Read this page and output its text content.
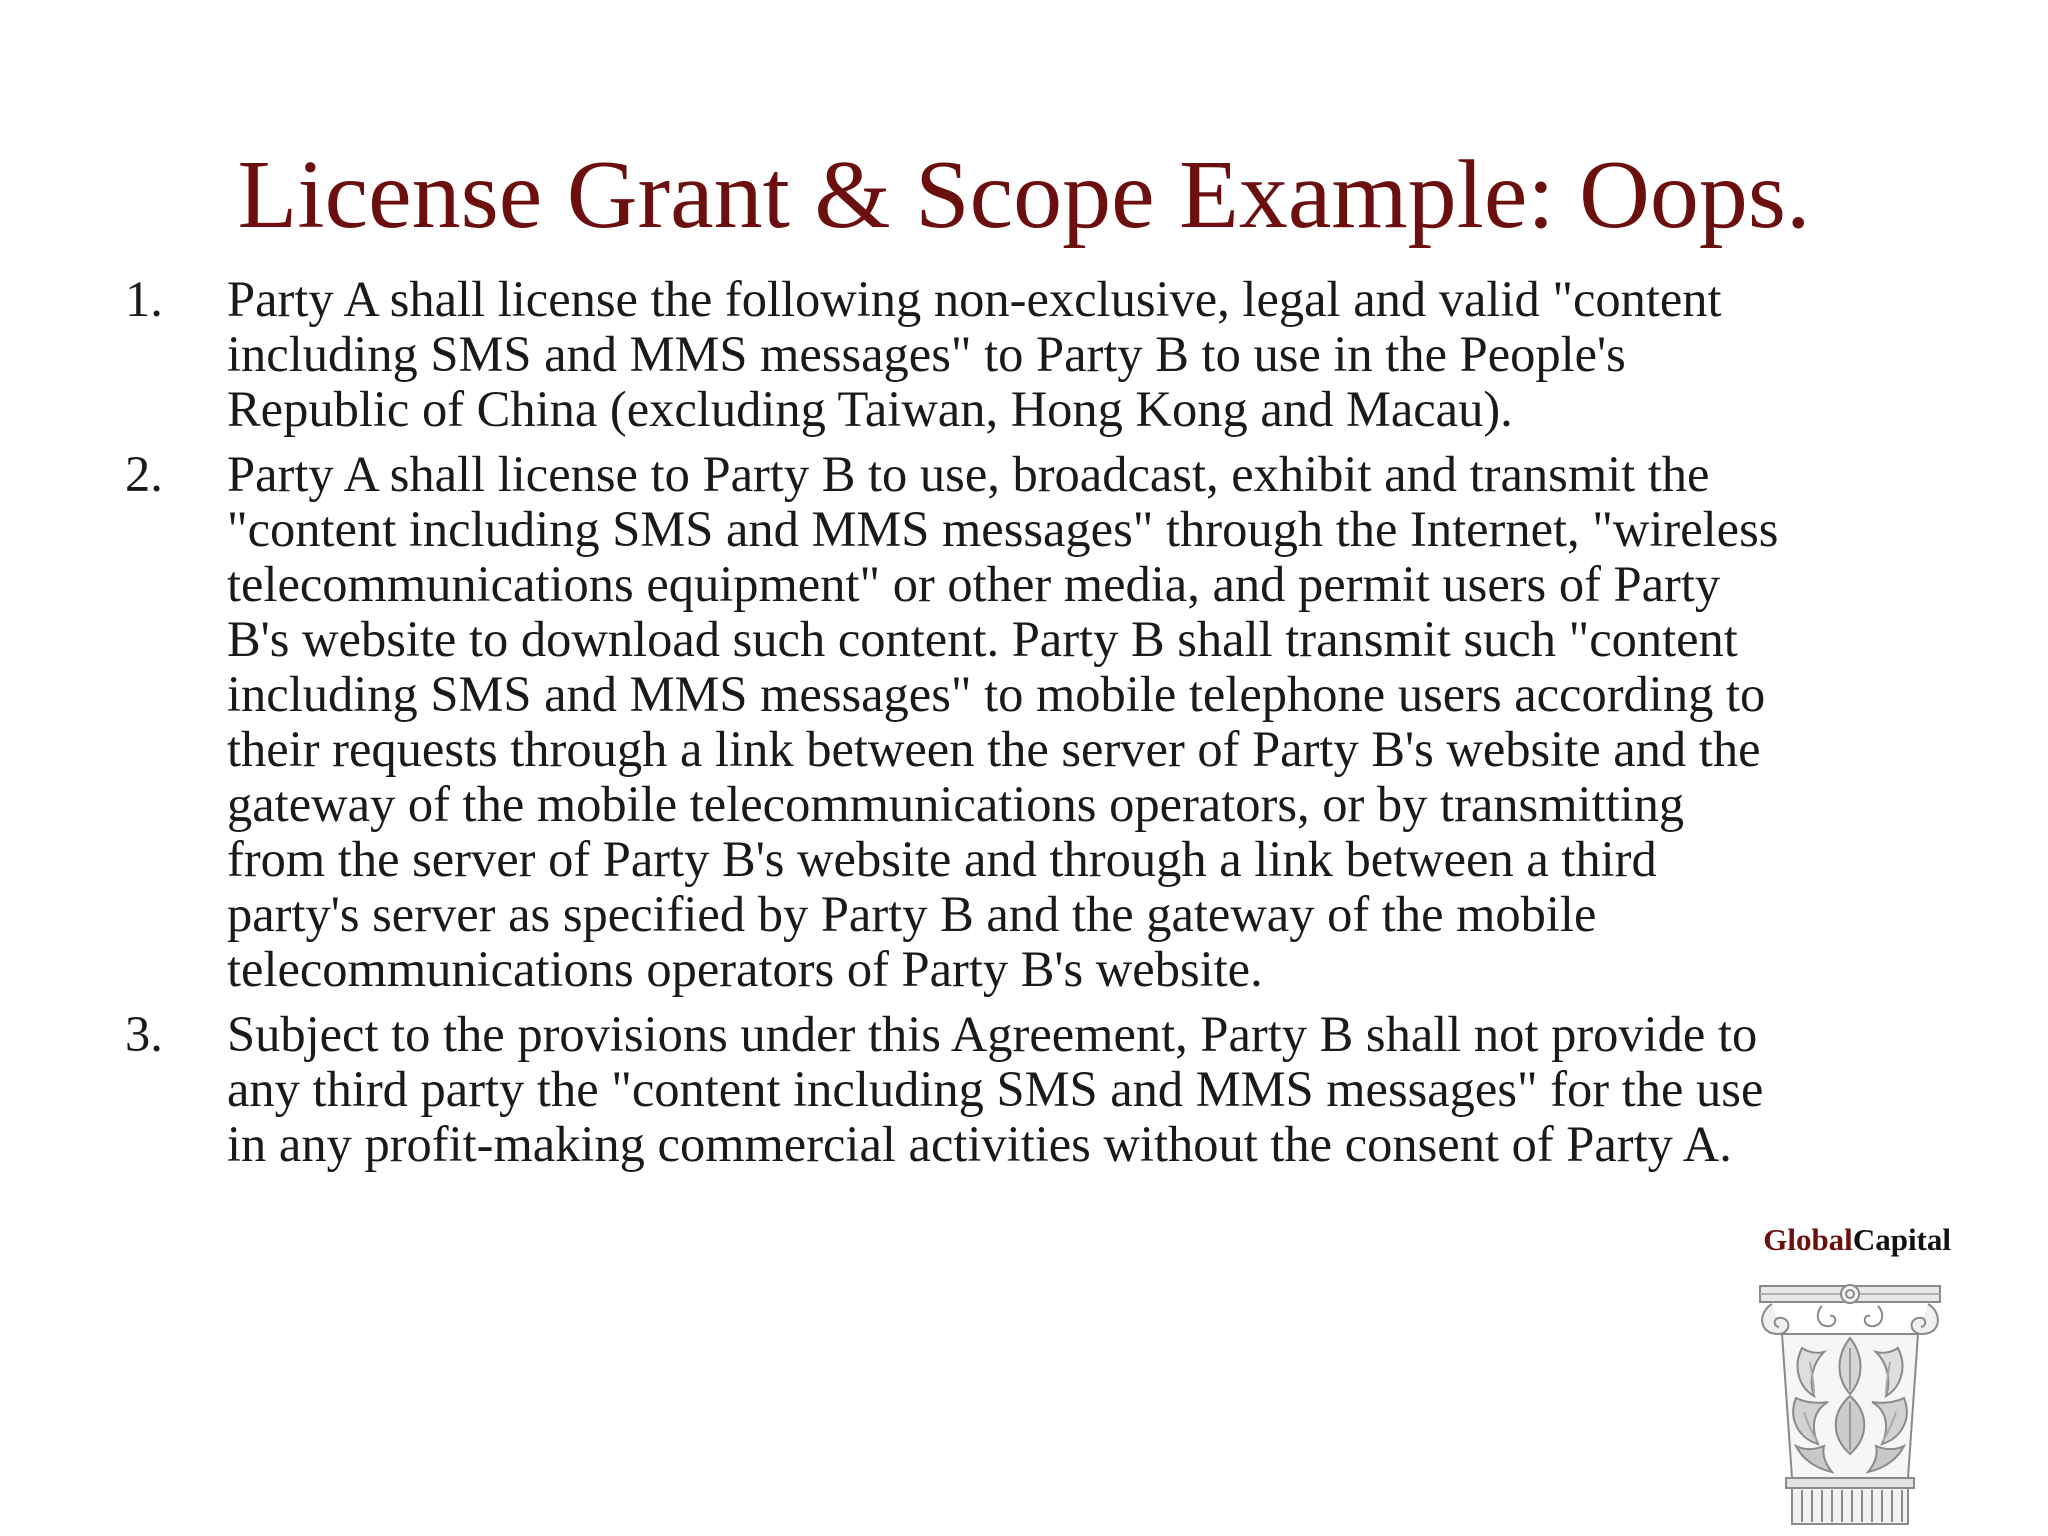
License Grant & Scope Example: Oops.
1. Party A shall license the following non-exclusive, legal and valid "content
including SMS and MMS messages" to Party B to use in the People's
Republic of China (excluding Taiwan, Hong Kong and Macau).
2. Party A shall license to Party B to use, broadcast, exhibit and transmit the
"content including SMS and MMS messages" through the Internet, "wireless
telecommunications equipment" or other media, and permit users of Party
B's website to download such content. Party B shall transmit such "content
including SMS and MMS messages" to mobile telephone users according to
their requests through a link between the server of Party B's website and the
gateway of the mobile telecommunications operators, or by transmitting
from the server of Party B's website and through a link between a third
party's server as specified by Party B and the gateway of the mobile
telecommunications operators of Party B's website.
3. Subject to the provisions under this Agreement, Party B shall not provide to
any third party the "content including SMS and MMS messages" for the use
in any profit-making commercial activities without the consent of Party A.
GlobalCapital
